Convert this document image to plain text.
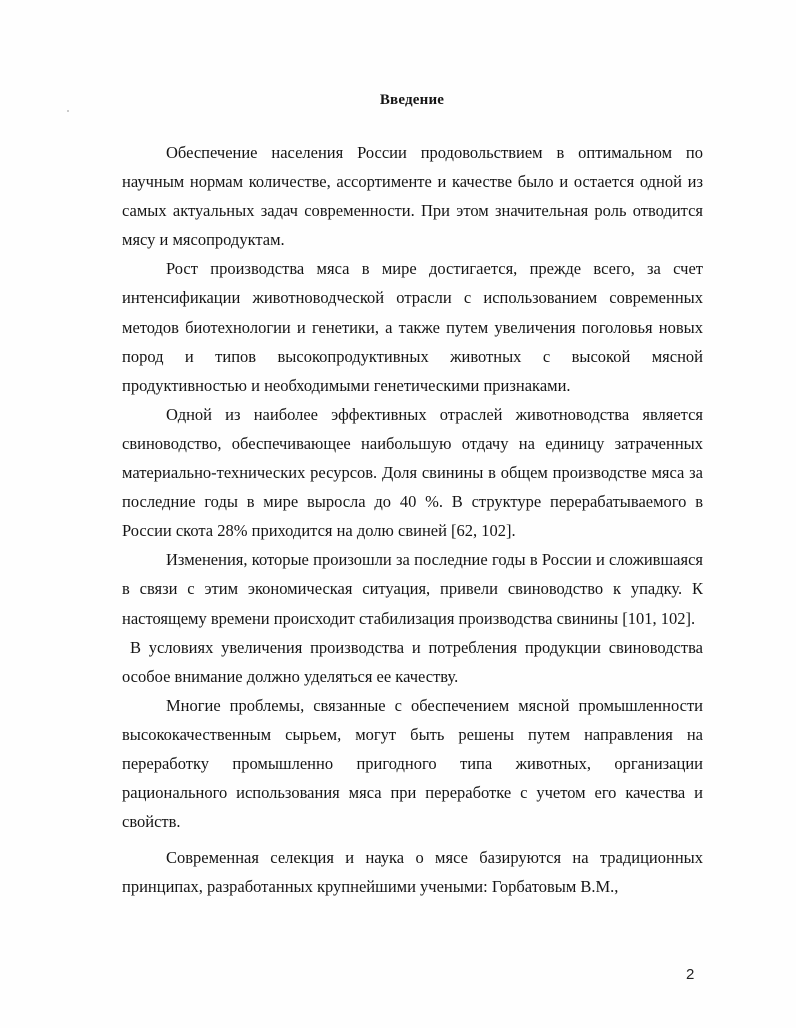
Введение

Обеспечение населения России продовольствием в оптимальном по научным нормам количестве, ассортименте и качестве было и остается одной из самых актуальных задач современности. При этом значительная роль отводится мясу и мясопродуктам.

Рост производства мяса в мире достигается, прежде всего, за счет интенсификации животноводческой отрасли с использованием современных методов биотехнологии и генетики, а также путем увеличения поголовья новых пород и типов высокопродуктивных животных с высокой мясной продуктивностью и необходимыми генетическими признаками.

Одной из наиболее эффективных отраслей животноводства является свиноводство, обеспечивающее наибольшую отдачу на единицу затраченных материально-технических ресурсов. Доля свинины в общем производстве мяса за последние годы в мире выросла до 40 %. В структуре перерабатываемого в России скота 28% приходится на долю свиней [62, 102].

Изменения, которые произошли за последние годы в России и сложившаяся в связи с этим экономическая ситуация, привели свиноводство к упадку. К настоящему времени происходит стабилизация производства свинины [101, 102].

В условиях увеличения производства и потребления продукции свиноводства особое внимание должно уделяться ее качеству.

Многие проблемы, связанные с обеспечением мясной промышленности высококачественным сырьем, могут быть решены путем направления на переработку промышленно пригодного типа животных, организации рационального использования мяса при переработке с учетом его качества и свойств.

Современная селекция и наука о мясе базируются на традиционных принципах, разработанных крупнейшими учеными: Горбатовым В.М.,

2
